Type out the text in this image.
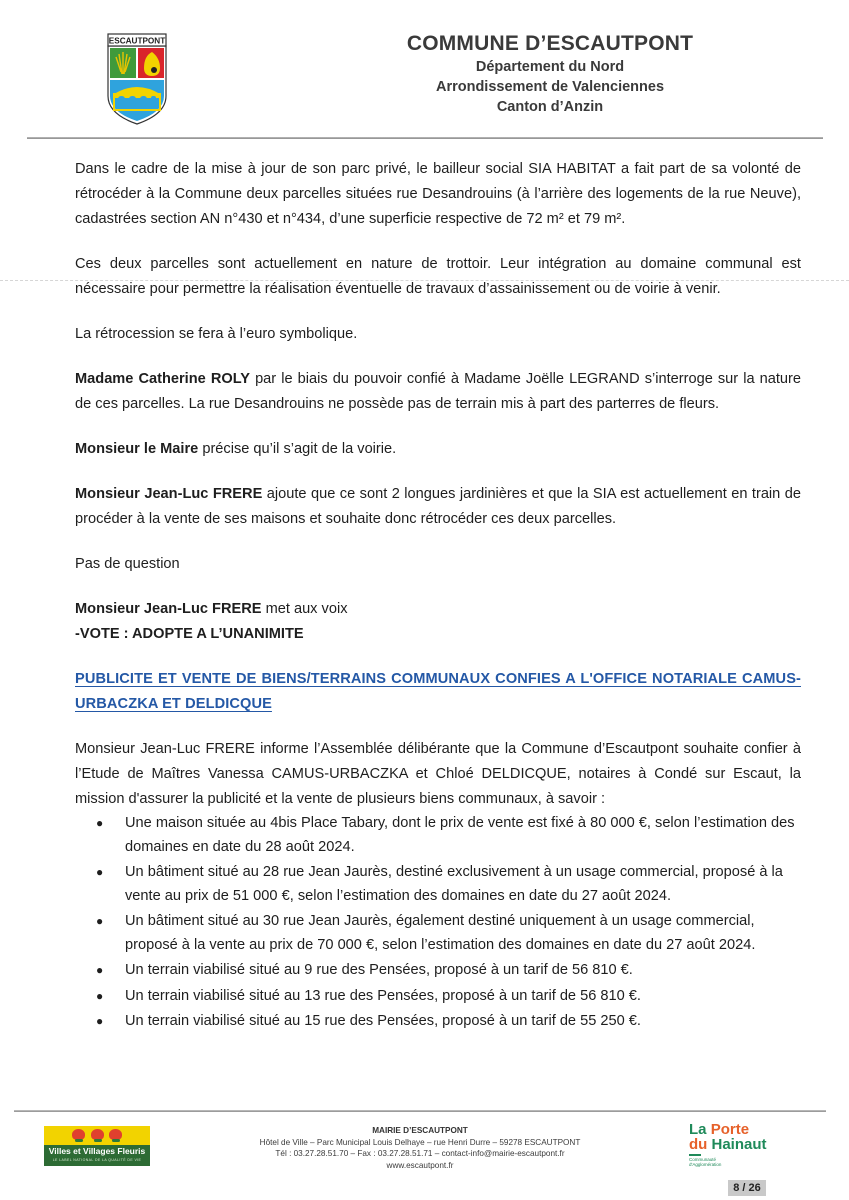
ESCAUTPONT	COMMUNE D’ESCAUTPONT
Département du Nord
Arrondissement de Valenciennes
Canton d’Anzin

Dans le cadre de la mise à jour de son parc privé, le bailleur social SIA HABITAT a fait part de sa volonté de rétrocéder à la Commune deux parcelles situées rue Desandrouins (à l’arrière des logements de la rue Neuve), cadastrées section AN n°430 et n°434, d’une superficie respective de 72 m² et 79 m².

Ces deux parcelles sont actuellement en nature de trottoir. Leur intégration au domaine communal est nécessaire pour permettre la réalisation éventuelle de travaux d’assainissement ou de voirie à venir.

La rétrocession se fera à l’euro symbolique.

Madame Catherine ROLY par le biais du pouvoir confié à Madame Joëlle LEGRAND s’interroge sur la nature de ces parcelles. La rue Desandrouins ne possède pas de terrain mis à part des parterres de fleurs.

Monsieur le Maire précise qu’il s’agit de la voirie.

Monsieur Jean-Luc FRERE ajoute que ce sont 2 longues jardinières et que la SIA est actuellement en train de procéder à la vente de ses maisons et souhaite donc rétrocéder ces deux parcelles.

Pas de question

Monsieur Jean-Luc FRERE met aux voix

-VOTE : ADOPTE A L’UNANIMITE

PUBLICITE ET VENTE DE BIENS/TERRAINS COMMUNAUX CONFIES A L'OFFICE NOTARIALE CAMUS-URBACZKA ET DELDICQUE

Monsieur Jean-Luc FRERE informe l’Assemblée délibérante que la Commune d’Escautpont souhaite confier à l’Etude de Maîtres Vanessa CAMUS-URBACZKA et Chloé DELDICQUE, notaires à Condé sur Escaut, la mission d'assurer la publicité et la vente de plusieurs biens communaux, à savoir :

● Une maison située au 4bis Place Tabary, dont le prix de vente est fixé à 80 000 €, selon l’estimation des domaines en date du 28 août 2024.
● Un bâtiment situé au 28 rue Jean Jaurès, destiné exclusivement à un usage commercial, proposé à la vente au prix de 51 000 €, selon l’estimation des domaines en date du 27 août 2024.
● Un bâtiment situé au 30 rue Jean Jaurès, également destiné uniquement à un usage commercial, proposé à la vente au prix de 70 000 €, selon l’estimation des domaines en date du 27 août 2024.
● Un terrain viabilisé situé au 9 rue des Pensées, proposé à un tarif de 56 810 €.
● Un terrain viabilisé situé au 13 rue des Pensées, proposé à un tarif de 56 810 €.
● Un terrain viabilisé situé au 15 rue des Pensées, proposé à un tarif de 55 250 €.
Villes et Villages Fleuris
LE LABEL NATIONAL DE LA QUALITÉ DE VIE
MAIRIE D’ESCAUTPONT
Hôtel de Ville – Parc Municipal Louis Delhaye – rue Henri Durre – 59278 ESCAUTPONT
Tél : 03.27.28.51.70 – Fax : 03.27.28.51.71 – contact-info@mairie-escautpont.fr
www.escautpont.fr
La Porte
du Hainaut
Communauté
d'Agglomération
8 / 26
